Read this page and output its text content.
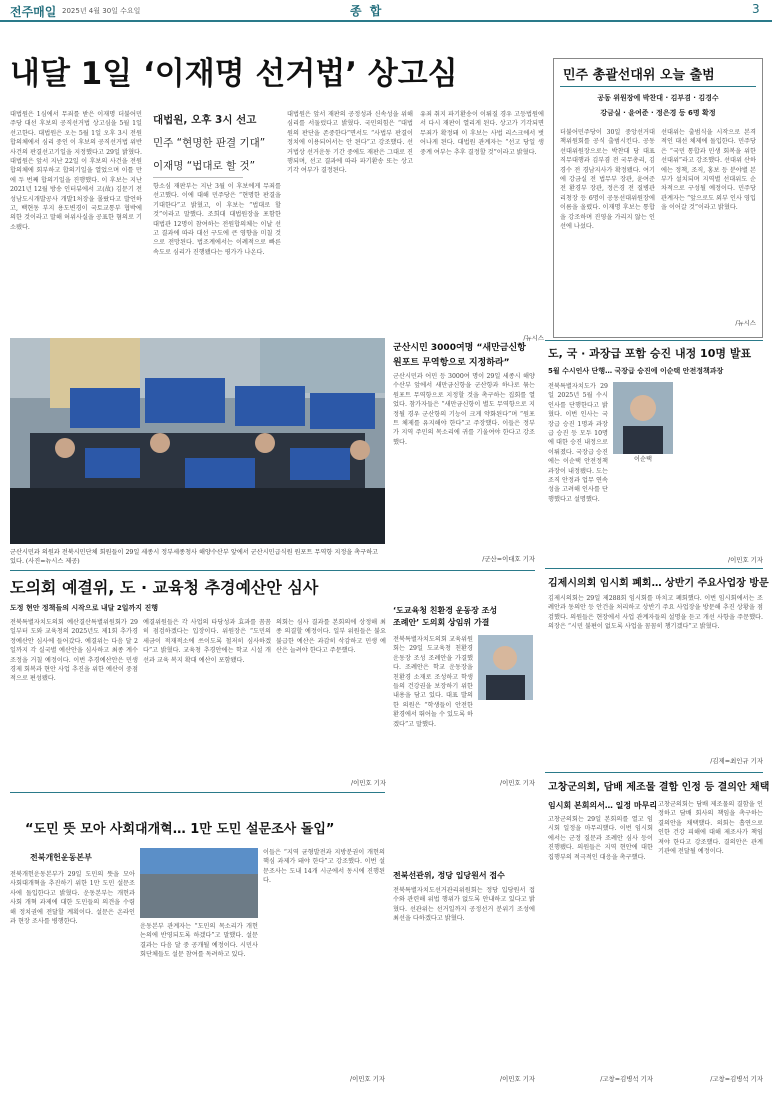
전주매일 2025년 4월 30일 수요일	종 합	3
내달 1일 ‘이재명 선거법’ 상고심
대법원은 1심에서 무죄를 받은 이재명 더불어민주당 대선 후보의 공직선거법 상고심을 5월 1일 선고한다. 대법원은 오는 5월 1일 오후 3시 전원합의체에서 심리 중인 이 후보의 공직선거법 위반 사건의 판결선고기일을 지정했다고 29일 밝혔다. 대법원은 앞서 지난 22일 이 후보의 사건을 전원합의체에 회부하고 합의기일을 열었으며 이틀 만에 두 번째 합의기일을 진행했다. 이 후보는 지난 2021년 12월 방송 인터뷰에서 고(故) 김문기 전 성남도시개발공사 개발1처장을 몰랐다고 발언하고, 백현동 부지 용도변경이 국토교통부 협박에 의한 것이라고 말해 허위사실을 공표한 혐의로 기소됐다.
대법원, 오후 3시 선고
민주 “현명한 판결 기대”
이재명 “법대로 할 것”
항소심 재판부는 지난 3월 이 후보에게 무죄를 선고했다. 이에 대해 민주당은 “현명한 판결을 기대한다”고 밝혔고, 이 후보는 “법대로 할 것”이라고 말했다. 조희대 대법원장을 포함한 대법관 12명이 참여하는 전원합의체는 이날 선고 결과에 따라 대선 구도에 큰 영향을 미칠 것으로 전망된다. 법조계에서는 이례적으로 빠른 속도로 심리가 진행됐다는 평가가 나온다.
대법원은 앞서 재판의 공정성과 신속성을 위해 심리를 서둘렀다고 밝혔다. 국민의힘은 “대법원의 판단을 존중한다”면서도 “사법부 판결이 정치에 이용되어서는 안 된다”고 강조했다. 선거법상 선거운동 기간 중에도 재판은 그대로 진행되며, 선고 결과에 따라 파기환송 또는 상고기각 여부가 결정된다.
유죄 취지 파기환송이 이뤄질 경우 고등법원에서 다시 재판이 열리게 된다. 상고가 기각되면 무죄가 확정돼 이 후보는 사법 리스크에서 벗어나게 된다. 대법원 관계자는 “선고 당일 생중계 여부는 추후 결정할 것”이라고 밝혔다.
/뉴시스
민주 총괄선대위 오늘 출범
공동 위원장에 박찬대 · 김부겸 · 김경수
강금실 · 윤여준 · 정은경 등 6명 확정
더불어민주당이 30일 중앙선거대책위원회를 공식 출범시킨다. 공동선대위원장으로는 박찬대 당 대표 직무대행과 김부겸 전 국무총리, 김경수 전 경남지사가 확정됐다. 여기에 강금실 전 법무부 장관, 윤여준 전 환경부 장관, 정은경 전 질병관리청장 등 6명이 공동선대위원장에 이름을 올렸다. 이재명 후보는 통합을 강조하며 진영을 가리지 않는 인선에 나섰다.
선대위는 출범식을 시작으로 본격적인 대선 체제에 돌입한다. 민주당은 “국민 통합과 민생 회복을 위한 선대위”라고 강조했다. 선대위 산하에는 정책, 조직, 홍보 등 분야별 본부가 설치되며 지역별 선대위도 순차적으로 구성될 예정이다. 민주당 관계자는 “앞으로도 외부 인사 영입을 이어갈 것”이라고 밝혔다.
/뉴시스
군산시민과 의원과 전북시민단체 회원들이 29일 세종시 정부세종청사 해양수산부 앞에서 군산시민급식원 원포트 무역항 지정을 촉구하고 있다. (사진=뉴시스 제공)
군산시민 3000여명 “새만금신항
원포트 무역항으로 지정하라”
군산시민과 어민 등 3000여 명이 29일 세종시 해양수산부 앞에서 새만금신항을 군산항과 하나로 묶는 원포트 무역항으로 지정할 것을 촉구하는 집회를 열었다. 참가자들은 “새만금신항이 별도 무역항으로 지정될 경우 군산항의 기능이 크게 약화된다”며 “원포트 체제를 유지해야 한다”고 주장했다. 이들은 정부가 지역 주민의 목소리에 귀를 기울여야 한다고 강조했다.
/군산=이대호 기자
도, 국 · 과장급 포함 승진 내정 10명 발표
5월 수시인사 단행… 국장급 승진에 이순택 안전정책과장
이순택
전북특별자치도가 29일 2025년 5월 수시인사를 단행한다고 밝혔다. 이번 인사는 국장급 승진 1명과 과장급 승진 등 모두 10명에 대한 승진 내정으로 이뤄졌다. 국장급 승진에는 이순택 안전정책과장이 내정됐다. 도는 조직 안정과 업무 연속성을 고려해 인사를 단행했다고 설명했다.
/이민호 기자
도의회 예결위, 도 · 교육청 추경예산안 심사
도정 현안 정책들의 시작으로 내달 2일까지 진행
전북특별자치도의회 예산결산특별위원회가 29일부터 도와 교육청의 2025년도 제1회 추가경정예산안 심사에 들어갔다. 예결위는 다음 달 2일까지 각 실국별 예산안을 심사하고 최종 계수조정을 거칠 예정이다. 이번 추경예산안은 민생경제 회복과 현안 사업 추진을 위한 예산이 중점적으로 편성됐다.
예결위원들은 각 사업의 타당성과 효과를 꼼꼼히 점검하겠다는 입장이다. 위원장은 “도민의 세금이 적재적소에 쓰이도록 철저히 심사하겠다”고 밝혔다. 교육청 추경안에는 학교 시설 개선과 교육 복지 확대 예산이 포함됐다.
의회는 심사 결과를 본회의에 상정해 최종 의결할 예정이다. 일부 위원들은 불요불급한 예산은 과감히 삭감하고 민생 예산은 늘려야 한다고 주문했다.
/이민호 기자
‘도교육청 친환경 운동장 조성
조례안’ 도의회 상임위 가결
전북특별자치도의회 교육위원회는 29일 도교육청 친환경 운동장 조성 조례안을 가결했다. 조례안은 학교 운동장을 친환경 소재로 조성하고 학생들의 건강권을 보장하기 위한 내용을 담고 있다. 대표 발의한 의원은 “학생들이 안전한 환경에서 뛰어놀 수 있도록 하겠다”고 말했다.
/이민호 기자
김제시의회 임시회 폐회… 상반기 주요사업장 방문
김제시의회는 29일 제288회 임시회를 마치고 폐회했다. 이번 임시회에서는 조례안과 동의안 등 안건을 처리하고 상반기 주요 사업장을 방문해 추진 상황을 점검했다. 의원들은 현장에서 사업 관계자들의 설명을 듣고 개선 사항을 주문했다. 의장은 “시민 불편이 없도록 사업을 꼼꼼히 챙기겠다”고 밝혔다.
/김제=최인규 기자
“도민 뜻 모아 사회대개혁… 1만 도민 설문조사 돌입”
전북개헌운동본부
전북개헌운동본부가 29일 도민의 뜻을 모아 사회대개혁을 추진하기 위한 1만 도민 설문조사에 돌입한다고 밝혔다. 운동본부는 개헌과 사회 개혁 과제에 대한 도민들의 의견을 수렴해 정치권에 전달할 계획이다. 설문은 온라인과 현장 조사를 병행한다.
운동본부 관계자는 “도민의 목소리가 개헌 논의에 반영되도록 하겠다”고 말했다. 설문 결과는 다음 달 중 공개될 예정이다. 시민사회단체들도 설문 참여를 독려하고 있다.
이들은 “지역 균형발전과 지방분권이 개헌의 핵심 과제가 돼야 한다”고 강조했다. 이번 설문조사는 도내 14개 시군에서 동시에 진행된다.
/이민호 기자
전북선관위, 정당 입당원서 접수
전북특별자치도선거관리위원회는 정당 입당원서 접수와 관련해 위법 행위가 없도록 안내하고 있다고 밝혔다. 선관위는 선거일까지 공정선거 분위기 조성에 최선을 다하겠다고 밝혔다.
/이민호 기자
고창군의회, 담배 제조물 결함 인정 등 결의안 채택
임시회 본회의서… 일정 마무리
고창군의회는 29일 본회의를 열고 임시회 일정을 마무리했다. 이번 임시회에서는 군정 질문과 조례안 심사 등이 진행됐다. 의원들은 지역 현안에 대한 집행부의 적극적인 대응을 촉구했다.
/고창=김병석 기자
고창군의회는 담배 제조물의 결함을 인정하고 담배 회사의 책임을 촉구하는 결의안을 채택했다. 의회는 흡연으로 인한 건강 피해에 대해 제조사가 책임져야 한다고 강조했다. 결의안은 관계 기관에 전달될 예정이다.
/고창=김병석 기자
